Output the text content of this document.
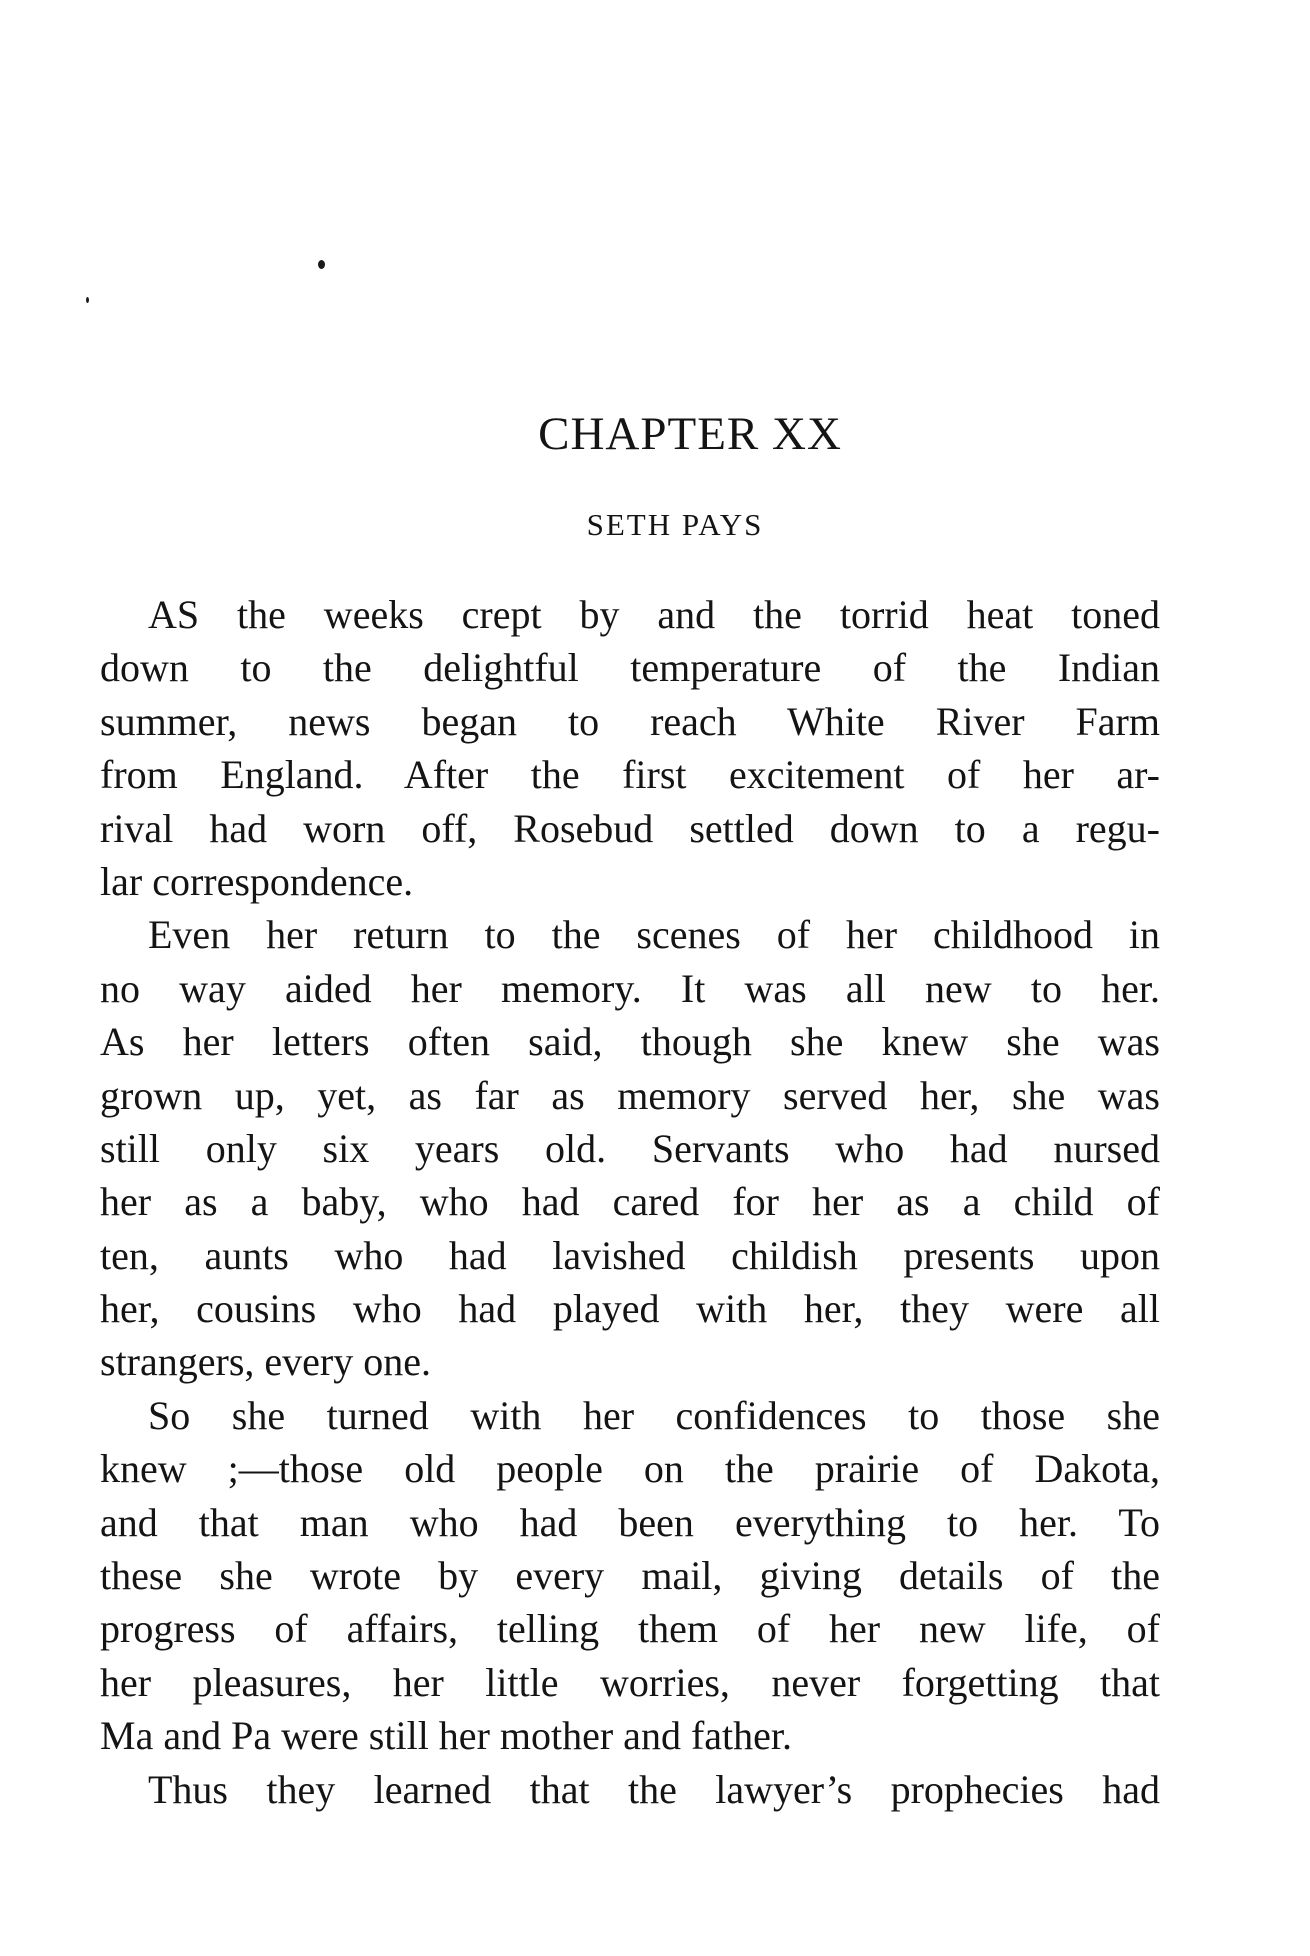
CHAPTER XX
SETH PAYS
AS the weeks crept by and the torrid heat toned
down to the delightful temperature of the Indian
summer, news began to reach White River Farm
from England. After the first excitement of her ar-
rival had worn off, Rosebud settled down to a regu-
lar correspondence.
Even her return to the scenes of her childhood in
no way aided her memory. It was all new to her.
As her letters often said, though she knew she was
grown up, yet, as far as memory served her, she was
still only six years old. Servants who had nursed
her as a baby, who had cared for her as a child of
ten, aunts who had lavished childish presents upon
her, cousins who had played with her, they were all
strangers, every one.
So she turned with her confidences to those she
knew ;—those old people on the prairie of Dakota,
and that man who had been everything to her. To
these she wrote by every mail, giving details of the
progress of affairs, telling them of her new life, of
her pleasures, her little worries, never forgetting that
Ma and Pa were still her mother and father.
Thus they learned that the lawyer’s prophecies had
